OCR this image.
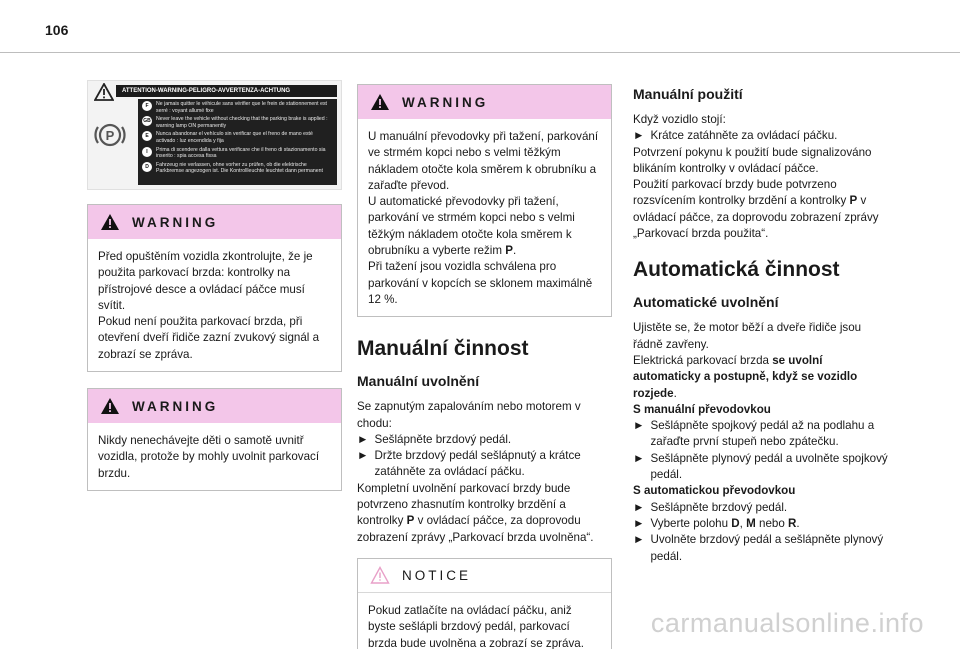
106
ATTENTION-WARNING-PELIGRO-AVVERTENZA-ACHTUNG
P
F	Ne jamais quitter le véhicule sans vérifier que le frein de stationnement est serré : voyant allumé fixe
GB Never leave the vehicle without checking that the parking brake is applied : warning lamp ON permanently
E	Nunca abandonar el vehículo sin verificar que el freno de mano esté activado : luz encendida y fija
I	Prima di scendere dalla vettura verificare che il freno di stazionamento sia inserito : spia accesa fissa
D	Fahrzeug nie verlassen, ohne vorher zu prüfen, ob die elektrische Parkbremse angezogen ist. Die Kontrollleuchte leuchtet dann permanent
WARNING
Před opuštěním vozidla zkontrolujte, že je použita parkovací brzda: kontrolky na přístrojové desce a ovládací páčce musí svítit.
Pokud není použita parkovací brzda, při otevření dveří řidiče zazní zvukový signál a zobrazí se zpráva.
WARNING
Nikdy nenechávejte děti o samotě uvnitř vozidla, protože by mohly uvolnit parkovací brzdu.
WARNING
U manuální převodovky při tažení, parkování ve strmém kopci nebo s velmi těžkým nákladem otočte kola směrem k obrubníku a zařaďte převod.
U automatické převodovky při tažení, parkování ve strmém kopci nebo s velmi těžkým nákladem otočte kola směrem k obrubníku a vyberte režim P.
Při tažení jsou vozidla schválena pro parkování v kopcích se sklonem maximálně 12 %.
Manuální činnost
Manuální uvolnění
Se zapnutým zapalováním nebo motorem v chodu:
► Sešlápněte brzdový pedál.
► Držte brzdový pedál sešlápnutý a krátce zatáhněte za ovládací páčku.
Kompletní uvolnění parkovací brzdy bude potvrzeno zhasnutím kontrolky brzdění a kontrolky P v ovládací páčce, za doprovodu zobrazení zprávy „Parkovací brzda uvolněna“.
NOTICE
Pokud zatlačíte na ovládací páčku, aniž byste sešlápli brzdový pedál, parkovací brzda bude uvolněna a zobrazí se zpráva.
Manuální použití
Když vozidlo stojí:
► Krátce zatáhněte za ovládací páčku.
Potvrzení pokynu k použití bude signalizováno blikáním kontrolky v ovládací páčce.
Použití parkovací brzdy bude potvrzeno rozsvícením kontrolky brzdění a kontrolky P v ovládací páčce, za doprovodu zobrazení zprávy „Parkovací brzda použita“.
Automatická činnost
Automatické uvolnění
Ujistěte se, že motor běží a dveře řidiče jsou řádně zavřeny.
Elektrická parkovací brzda se uvolní automaticky a postupně, když se vozidlo rozjede.
S manuální převodovkou
► Sešlápněte spojkový pedál až na podlahu a zařaďte první stupeň nebo zpátečku.
► Sešlápněte plynový pedál a uvolněte spojkový pedál.
S automatickou převodovkou
► Sešlápněte brzdový pedál.
► Vyberte polohu D, M nebo R.
► Uvolněte brzdový pedál a sešlápněte plynový pedál.
carmanualsonline.info
